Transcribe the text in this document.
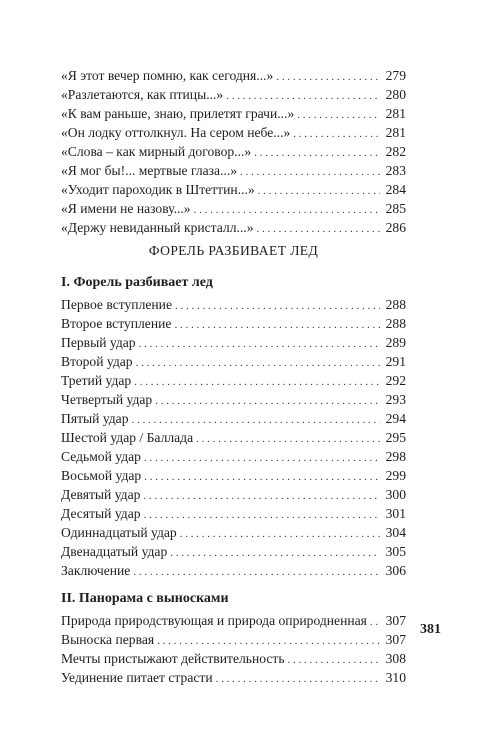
«Я этот вечер помню, как сегодня...» . . .	279
«Разлетаются, как птицы...» . . .	280
«К вам раньше, знаю, прилетят грачи...» . . .	281
«Он лодку оттолкнул. На сером небе...» . . .	281
«Слова – как мирный договор...» . . .	282
«Я мог бы!... мертвые глаза...» . . .	283
«Уходит пароходик в Штеттин...» . . .	284
«Я имени не назову...» . . .	285
«Держу невиданный кристалл...» . . .	286
ФОРЕЛЬ РАЗБИВАЕТ ЛЕД
I. Форель разбивает лед
Первое вступление . . .	288
Второе вступление . . .	288
Первый удар . . .	289
Второй удар . . .	291
Третий удар . . .	292
Четвертый удар . . .	293
Пятый удар . . .	294
Шестой удар / Баллада . . .	295
Седьмой удар . . .	298
Восьмой удар . . .	299
Девятый удар . . .	300
Десятый удар . . .	301
Одиннадцатый удар . . .	304
Двенадцатый удар . . .	305
Заключение . . .	306
II. Панорама с выносками
Природа природствующая и природа оприродненная . . .	307
Выноска первая . . .	307
Мечты пристыжают действительность . . .	308
Уединение питает страсти . . .	310
381
